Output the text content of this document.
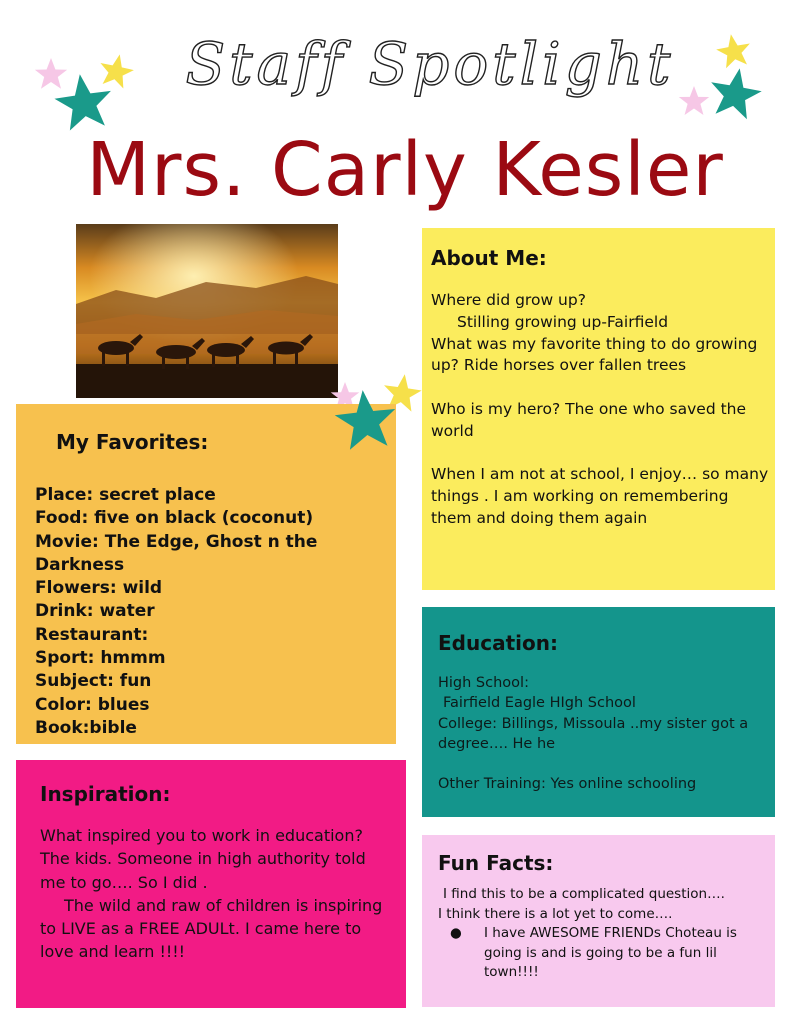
Staff Spotlight
Mrs. Carly Kesler
My Favorites:
Place: secret place
Food: five on black (coconut)
Movie: The Edge, Ghost n the Darkness
Flowers: wild
Drink: water
Restaurant:
Sport: hmmm
Subject: fun
Color: blues
Book:bible
About Me:

Where did grow up?

Stilling growing up-Fairfield
What was my favorite thing to do growing up? Ride horses over fallen trees

Who is my hero? The one who saved the world

When I am not at school, I enjoy… so many things . I am working on remembering them and doing them again

Education:
High School:
Fairfield Eagle HIgh School
College: Billings, Missoula ..my sister got a degree…. He he
Other Training: Yes online schooling
Inspiration:

What inspired you to work in education? The kids. Someone in high authority told me to go…. So I did .

The wild and raw of children is inspiring to LIVE as a FREE ADULt. I came here to love and learn !!!!

Fun Facts:
I find this to be a complicated question….
I think there is a lot yet to come….
●	I have AWESOME FRIENDs Choteau is going is and is going to be a fun lil town!!!!
